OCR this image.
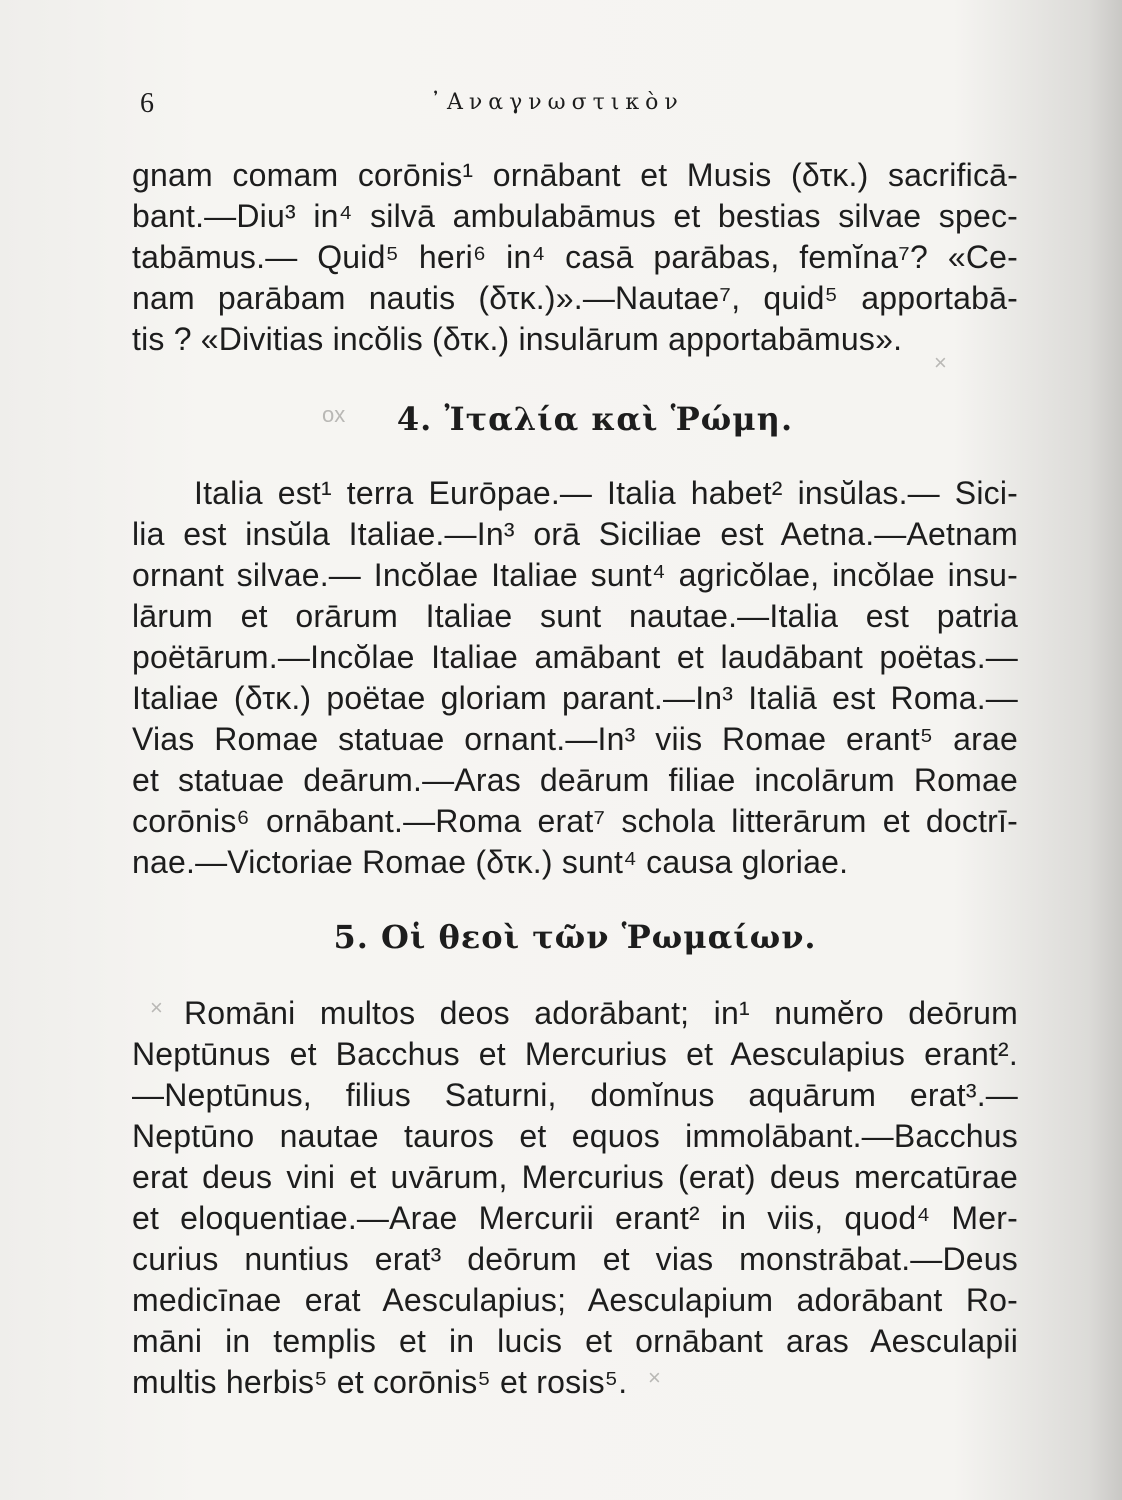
6	᾿Αναγνωστικὸν

gnam comam corōnis¹ ornābant et Musis (δτκ.) sacrificā-
bant.—Diu³ in⁴ silvā ambulabāmus et bestias silvae spec-
tabāmus.— Quid⁵ heri⁶ in⁴ casā parābas, femĭna⁷? «Ce-
nam parābam nautis (δτκ.)».—Nautae⁷, quid⁵ apportabā-
tis ? «Divitias incŏlis (δτκ.) insulārum apportabāmus».

4. Ἰταλία καὶ Ῥώμη.

Italia est¹ terra Eurōpae.— Italia habet² insŭlas.— Sici-
lia est insŭla Italiae.—In³ orā Siciliae est Aetna.—Aetnam
ornant silvae.— Incŏlae Italiae sunt⁴ agricŏlae, incŏlae insu-
lārum et orārum Italiae sunt nautae.—Italia est patria
poëtārum.—Incŏlae Italiae amābant et laudābant poëtas.—
Italiae (δτκ.) poëtae gloriam parant.—In³ Italiā est Roma.—
Vias Romae statuae ornant.—In³ viis Romae erant⁵ arae
et statuae deārum.—Aras deārum filiae incolārum Romae
corōnis⁶ ornābant.—Roma erat⁷ schola litterārum et doctrī-
nae.—Victoriae Romae (δτκ.) sunt⁴ causa gloriae.

5. Οἱ θεοὶ τῶν Ῥωμαίων.

Romāni multos deos adorābant; in¹ numĕro deōrum
Neptūnus et Bacchus et Mercurius et Aesculapius erant².
—Neptūnus, filius Saturni, domĭnus aquārum erat³.—
Neptūno nautae tauros et equos immolābant.—Bacchus
erat deus vini et uvārum, Mercurius (erat) deus mercatūrae
et eloquentiae.—Arae Mercurii erant² in viis, quod⁴ Mer-
curius nuntius erat³ deōrum et vias monstrābat.—Deus
medicīnae erat Aesculapius; Aesculapium adorābant Ro-
māni in templis et in lucis et ornābant aras Aesculapii
multis herbis⁵ et corōnis⁵ et rosis⁵.

×
ox
×
×
